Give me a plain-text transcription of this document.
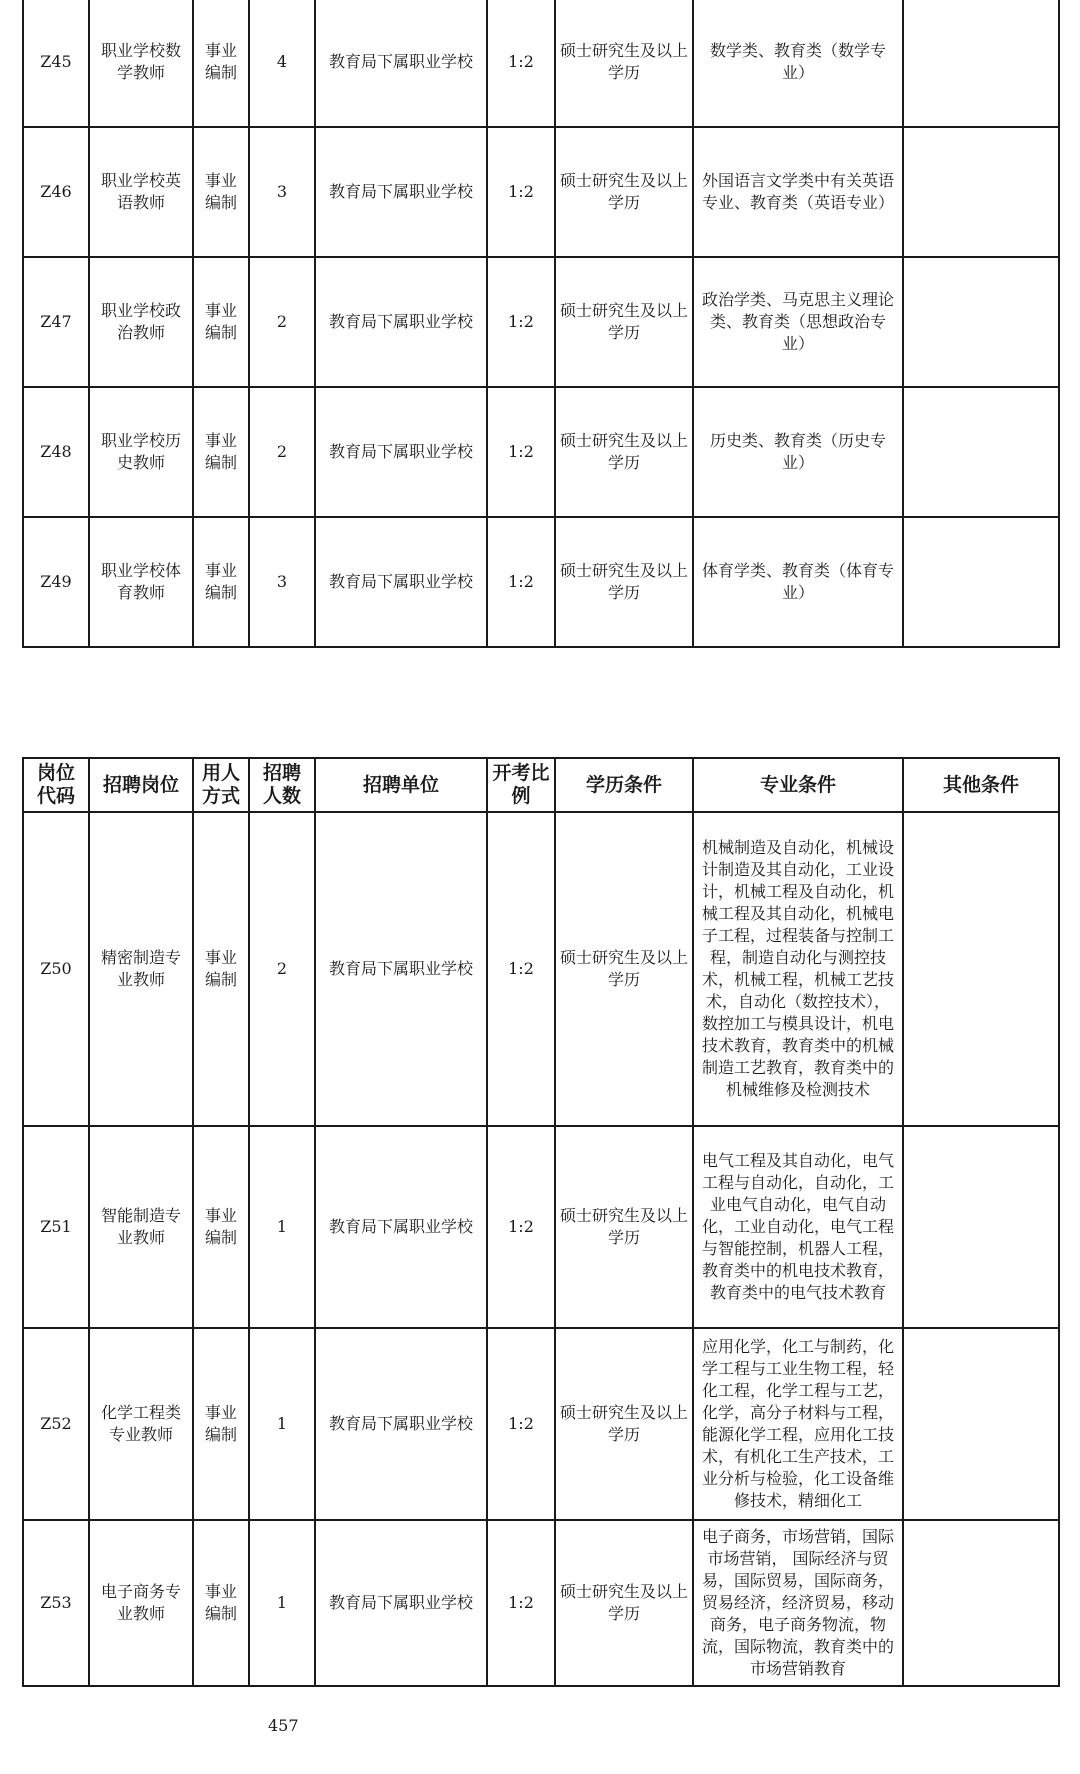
Z45	职业学校数学教师	事业编制	4	教育局下属职业学校	1:2	硕士研究生及以上学历	数学类、教育类（数学专业）	
Z46	职业学校英语教师	事业编制	3	教育局下属职业学校	1:2	硕士研究生及以上学历	外国语言文学类中有关英语专业、教育类（英语专业）	
Z47	职业学校政治教师	事业编制	2	教育局下属职业学校	1:2	硕士研究生及以上学历	政治学类、马克思主义理论类、教育类（思想政治专业）	
Z48	职业学校历史教师	事业编制	2	教育局下属职业学校	1:2	硕士研究生及以上学历	历史类、教育类（历史专业）	
Z49	职业学校体育教师	事业编制	3	教育局下属职业学校	1:2	硕士研究生及以上学历	体育学类、教育类（体育专业）	
岗位代码	招聘岗位	用人方式	招聘人数	招聘单位	开考比例	学历条件	专业条件	其他条件
Z50	精密制造专业教师	事业编制	2	教育局下属职业学校	1:2	硕士研究生及以上学历	机械制造及自动化，机械设计制造及其自动化，工业设计，机械工程及自动化，机械工程及其自动化，机械电子工程，过程装备与控制工程，制造自动化与测控技术，机械工程，机械工艺技术，自动化（数控技术），数控加工与模具设计，机电技术教育，教育类中的机械制造工艺教育，教育类中的机械维修及检测技术	
Z51	智能制造专业教师	事业编制	1	教育局下属职业学校	1:2	硕士研究生及以上学历	电气工程及其自动化，电气工程与自动化，自动化，工业电气自动化，电气自动化，工业自动化，电气工程与智能控制，机器人工程，教育类中的机电技术教育，教育类中的电气技术教育	
Z52	化学工程类专业教师	事业编制	1	教育局下属职业学校	1:2	硕士研究生及以上学历	应用化学，化工与制药，化学工程与工业生物工程，轻化工程，化学工程与工艺，化学，高分子材料与工程，能源化学工程，应用化工技术，有机化工生产技术，工业分析与检验，化工设备维修技术，精细化工	
Z53	电子商务专业教师	事业编制	1	教育局下属职业学校	1:2	硕士研究生及以上学历	电子商务，市场营销，国际市场营销， 国际经济与贸易，国际贸易，国际商务，贸易经济，经济贸易，移动商务，电子商务物流，物流，国际物流，教育类中的市场营销教育	
457
